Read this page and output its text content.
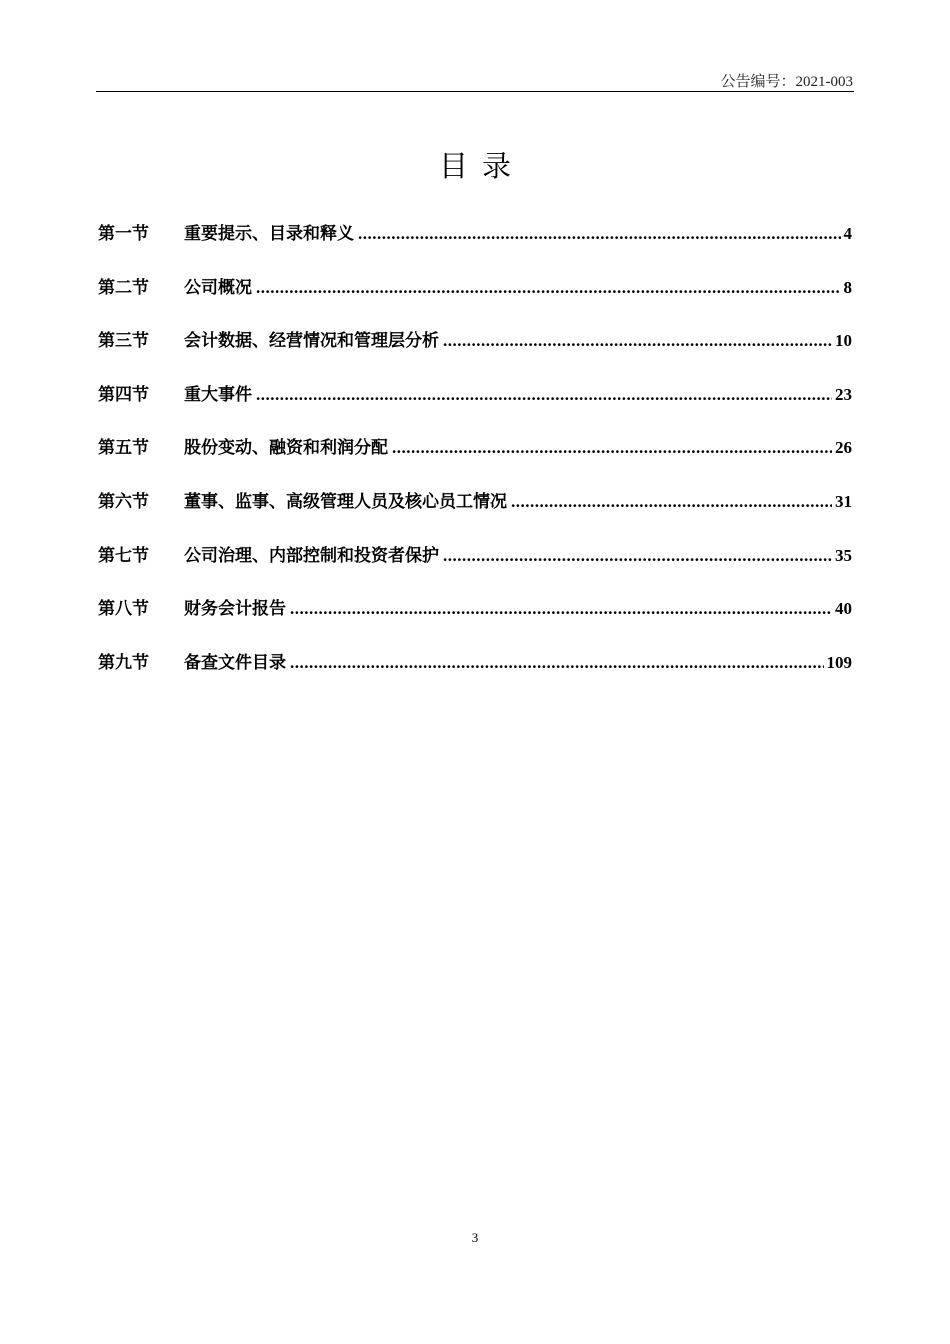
公告编号：2021-003
目录
第一节	重要提示、目录和释义 .....	4
第二节	公司概况 .....	8
第三节	会计数据、经营情况和管理层分析 .....	10
第四节	重大事件 .....	23
第五节	股份变动、融资和利润分配 .....	26
第六节	董事、监事、高级管理人员及核心员工情况 .....	31
第七节	公司治理、内部控制和投资者保护 .....	35
第八节	财务会计报告 .....	40
第九节	备查文件目录 .....	109
3
